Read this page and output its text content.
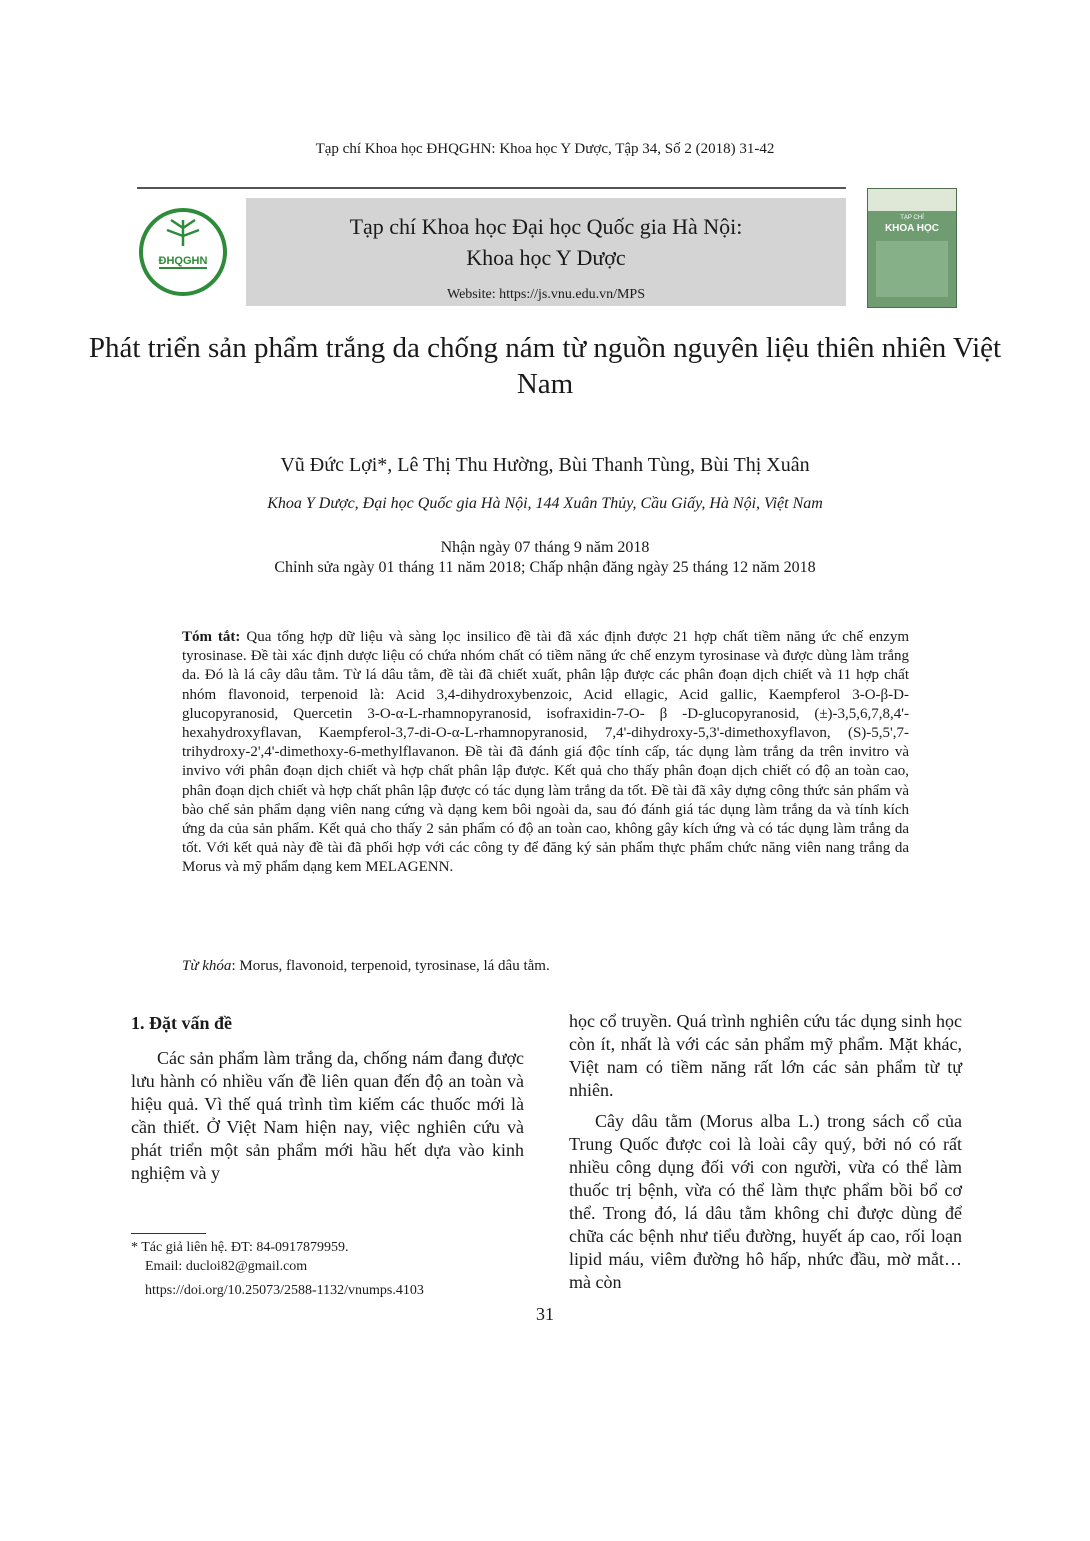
Tạp chí Khoa học ĐHQGHN: Khoa học Y Dược, Tập 34, Số 2 (2018) 31-42
ĐHQGHN
Tạp chí Khoa học Đại học Quốc gia Hà Nội:
Khoa học Y Dược
Website: https://js.vnu.edu.vn/MPS
TẠP CHÍ
KHOA HỌC
Phát triển sản phẩm trắng da chống nám từ nguồn nguyên liệu thiên nhiên Việt Nam
Vũ Đức Lợi*, Lê Thị Thu Hường, Bùi Thanh Tùng, Bùi Thị Xuân
Khoa Y Dược, Đại học Quốc gia Hà Nội, 144 Xuân Thủy, Cầu Giấy, Hà Nội, Việt Nam
Nhận ngày 07 tháng 9 năm 2018
Chỉnh sửa ngày 01 tháng 11 năm 2018; Chấp nhận đăng ngày 25 tháng 12 năm 2018
Tóm tắt: Qua tổng hợp dữ liệu và sàng lọc insilico đề tài đã xác định được 21 hợp chất tiềm năng ức chế enzym tyrosinase. Đề tài xác định dược liệu có chứa nhóm chất có tiềm năng ức chế enzym tyrosinase và được dùng làm trắng da. Đó là lá cây dâu tằm. Từ lá dâu tằm, đề tài đã chiết xuất, phân lập được các phân đoạn dịch chiết và 11 hợp chất nhóm flavonoid, terpenoid là: Acid 3,4-dihydroxybenzoic, Acid ellagic, Acid gallic, Kaempferol 3-O-β-D-glucopyranosid, Quercetin 3-O-α-L-rhamnopyranosid, isofraxidin-7-O- β -D-glucopyranosid, (±)-3,5,6,7,8,4'-hexahydroxyflavan, Kaempferol-3,7-di-O-α-L-rhamnopyranosid, 7,4'-dihydroxy-5,3'-dimethoxyflavon, (S)-5,5',7-trihydroxy-2',4'-dimethoxy-6-methylflavanon. Đề tài đã đánh giá độc tính cấp, tác dụng làm trắng da trên invitro và invivo với phân đoạn dịch chiết và hợp chất phân lập được. Kết quả cho thấy phân đoạn dịch chiết có độ an toàn cao, phân đoạn dịch chiết và hợp chất phân lập được có tác dụng làm trắng da tốt. Đề tài đã xây dựng công thức sản phẩm và bào chế sản phẩm dạng viên nang cứng và dạng kem bôi ngoài da, sau đó đánh giá tác dụng làm trắng da và tính kích ứng da của sản phẩm. Kết quả cho thấy 2 sản phẩm có độ an toàn cao, không gây kích ứng và có tác dụng làm trắng da tốt. Với kết quả này đề tài đã phối hợp với các công ty để đăng ký sản phẩm thực phẩm chức năng viên nang trắng da Morus và mỹ phẩm dạng kem MELAGENN.
Từ khóa: Morus, flavonoid, terpenoid, tyrosinase, lá dâu tằm.
1. Đặt vấn đề
Các sản phẩm làm trắng da, chống nám đang được lưu hành có nhiều vấn đề liên quan đến độ an toàn và hiệu quả. Vì thế quá trình tìm kiếm các thuốc mới là cần thiết. Ở Việt Nam hiện nay, việc nghiên cứu và phát triển một sản phẩm mới hầu hết dựa vào kinh nghiệm và y
học cổ truyền. Quá trình nghiên cứu tác dụng sinh học còn ít, nhất là với các sản phẩm mỹ phẩm. Mặt khác, Việt nam có tiềm năng rất lớn các sản phẩm từ tự nhiên.
Cây dâu tằm (Morus alba L.) trong sách cổ của Trung Quốc được coi là loài cây quý, bởi nó có rất nhiều công dụng đối với con người, vừa có thể làm thuốc trị bệnh, vừa có thể làm thực phẩm bồi bổ cơ thể. Trong đó, lá dâu tằm không chỉ được dùng để chữa các bệnh như tiểu đường, huyết áp cao, rối loạn lipid máu, viêm đường hô hấp, nhức đầu, mờ mắt… mà còn
* Tác giả liên hệ. ĐT: 84-0917879959.
Email: ducloi82@gmail.com
https://doi.org/10.25073/2588-1132/vnumps.4103
31
